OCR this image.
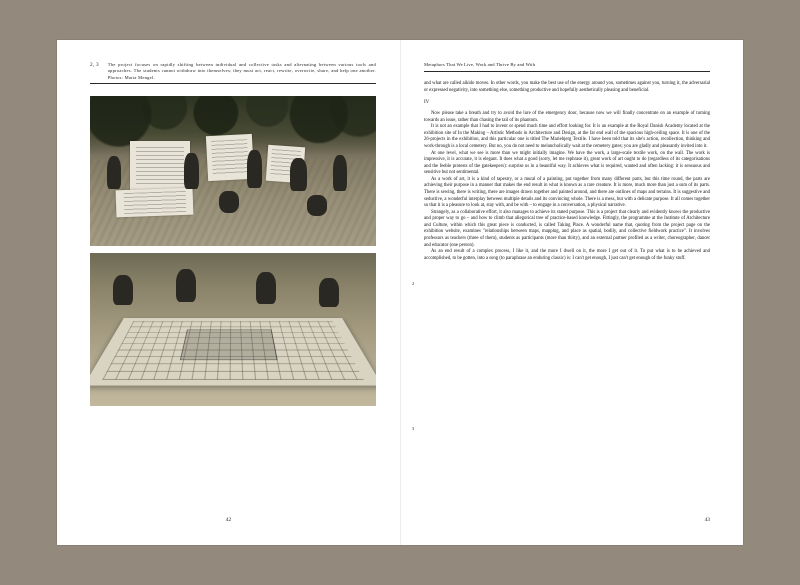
2, 3 The project focuses on rapidly shifting between individual and collective tasks and alternating between various tools and approaches. The students cannot withdraw into themselves; they must act, react, rewrite, overwrite, share, and help one another. Photos: Maria Mengel.
42
Metaphors That We Live, Work and Thrive By and With
2
3

and what are called aikido moves. In other words, you make the best use of the energy around you, sometimes against you, turning it, the adversarial or expressed negativity, into something else, something productive and hopefully aesthetically pleasing and beneficial.

IV

Now please take a breath and try to avoid the lure of the emergency door, because now we will finally concentrate on an example of turning towards an issue, rather than chasing the tail of its phantom.

It is not an example that I had to invent or spend much time and effort looking for. It is an example at the Royal Danish Academy located at the exhibition site of In the Making – Artistic Methods in Architecture and Design, at the far end wall of the spacious high-ceiling space. It is one of the 26-projects in the exhibition, and this particular one is titled The Mariebjerg Textile. I have been told that its site's action, recollection, thinking and work-through is a local cemetery. But no, you do not need to melancholically wait at the cemetery gates; you are gladly and pleasantly invited into it.

At one level, what we see is more than we might initially imagine. We have the work, a large-scale textile work, on the wall. The work is impressive, it is accurate, it is elegant. It does what a good (sorry, let me rephrase it), great work of art ought to do (regardless of its categorisations and the feeble protests of the gatekeepers): surprise us in a beautiful way. It achieves what is required, wanted and often lacking: it is sensuous and sensitive but not sentimental.

As a work of art, it is a kind of tapestry, or a mural of a painting, put together from many different parts, but this time round, the parts are achieving their purpose in a manner that makes the end result in what is known as a rare creature. It is more, much more than just a sum of its parts. There is sewing, there is writing, there are images drawn together and painted around, and there are outlines of maps and terrains. It is suggestive and seductive, a wonderful interplay between multiple details and its convincing whole. There is a mess, but with a delicate purpose. It all comes together so that it is a pleasure to look at, stay with, and be with – to engage in a conversation, a physical narrative.

Strangely, as a collaborative effort, it also manages to achieve its stated purpose. This is a project that clearly and evidently knows the productive and proper way to go – and how to climb that allegorical tree of practice-based knowledge. Fittingly, the programme at the Institute of Architecture and Culture, within which this great piece is conducted, is called Taking Place. A wonderful name that, quoting from the project page on the exhibition website, examines "relationships between maps, mapping, and place as spatial, bodily, and collective fieldwork practice". It involves professors as teachers (three of them), students as participants (more than thirty), and an external partner profiled as a writer, choreographer, dancer and educator (one person).

As an end result of a complex process, I like it, and the more I dwell on it, the more I get out of it. To put what is to be achieved and accomplished, to be gotten, into a song (to paraphrase an enduring classic) is: I can't get enough, I just can't get enough of the funky stuff.

43
